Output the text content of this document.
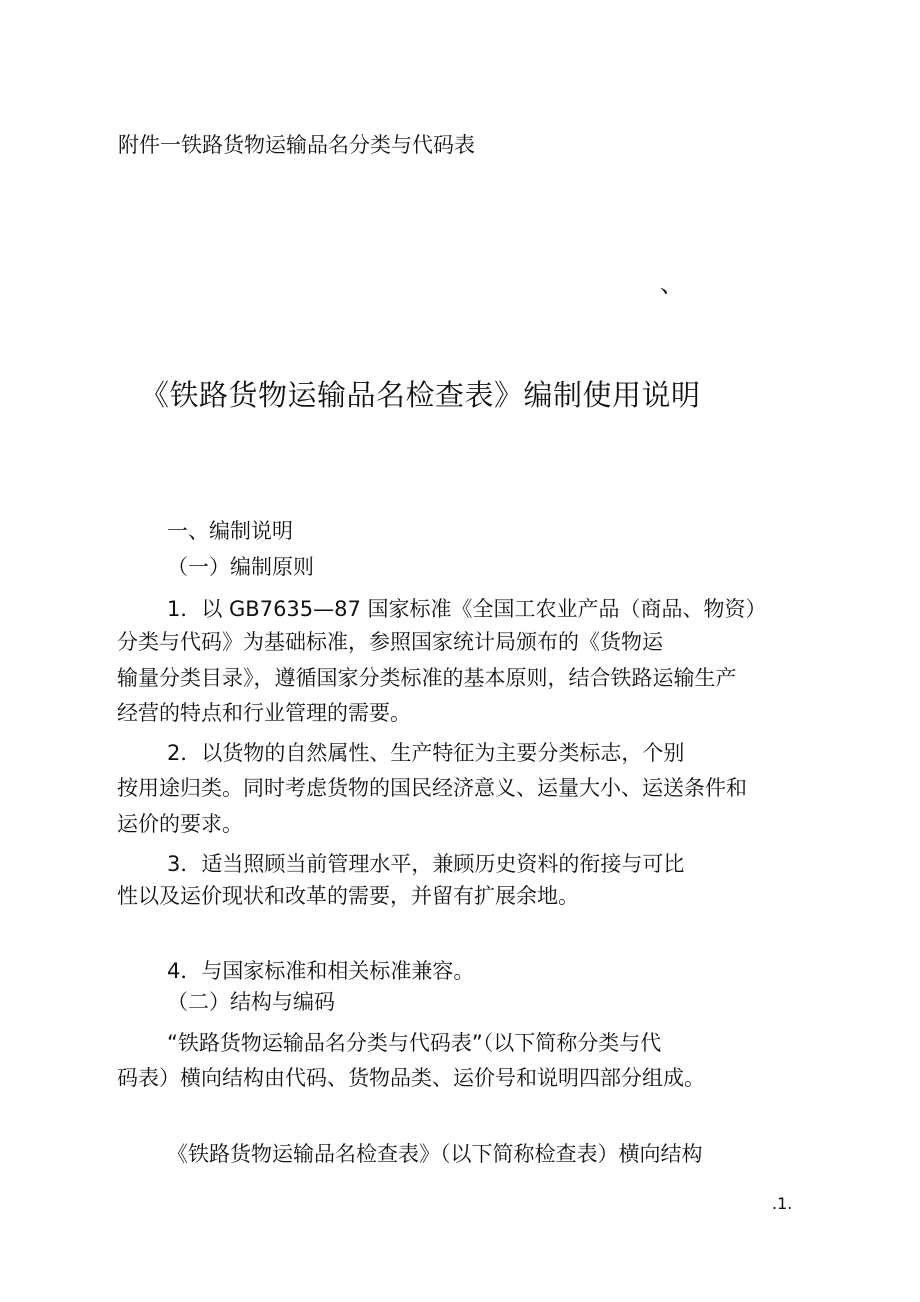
附件一铁路货物运输品名分类与代码表
、
《铁路货物运输品名检查表》编制使用说明
一、编制说明
（一）编制原则
1．以 GB7635—87 国家标准《全国工农业产品（商品、物资）
分类与代码》为基础标准，参照国家统计局颁布的《货物运
输量分类目录》，遵循国家分类标准的基本原则，结合铁路运输生产
经营的特点和行业管理的需要。
2．以货物的自然属性、生产特征为主要分类标志，个别
按用途归类。同时考虑货物的国民经济意义、运量大小、运送条件和
运价的要求。
3．适当照顾当前管理水平，兼顾历史资料的衔接与可比
性以及运价现状和改革的需要，并留有扩展余地。
4．与国家标准和相关标准兼容。
（二）结构与编码
“铁路货物运输品名分类与代码表”（以下简称分类与代
码表）横向结构由代码、货物品类、运价号和说明四部分组成。
《铁路货物运输品名检查表》（以下简称检查表）横向结构
.1.
